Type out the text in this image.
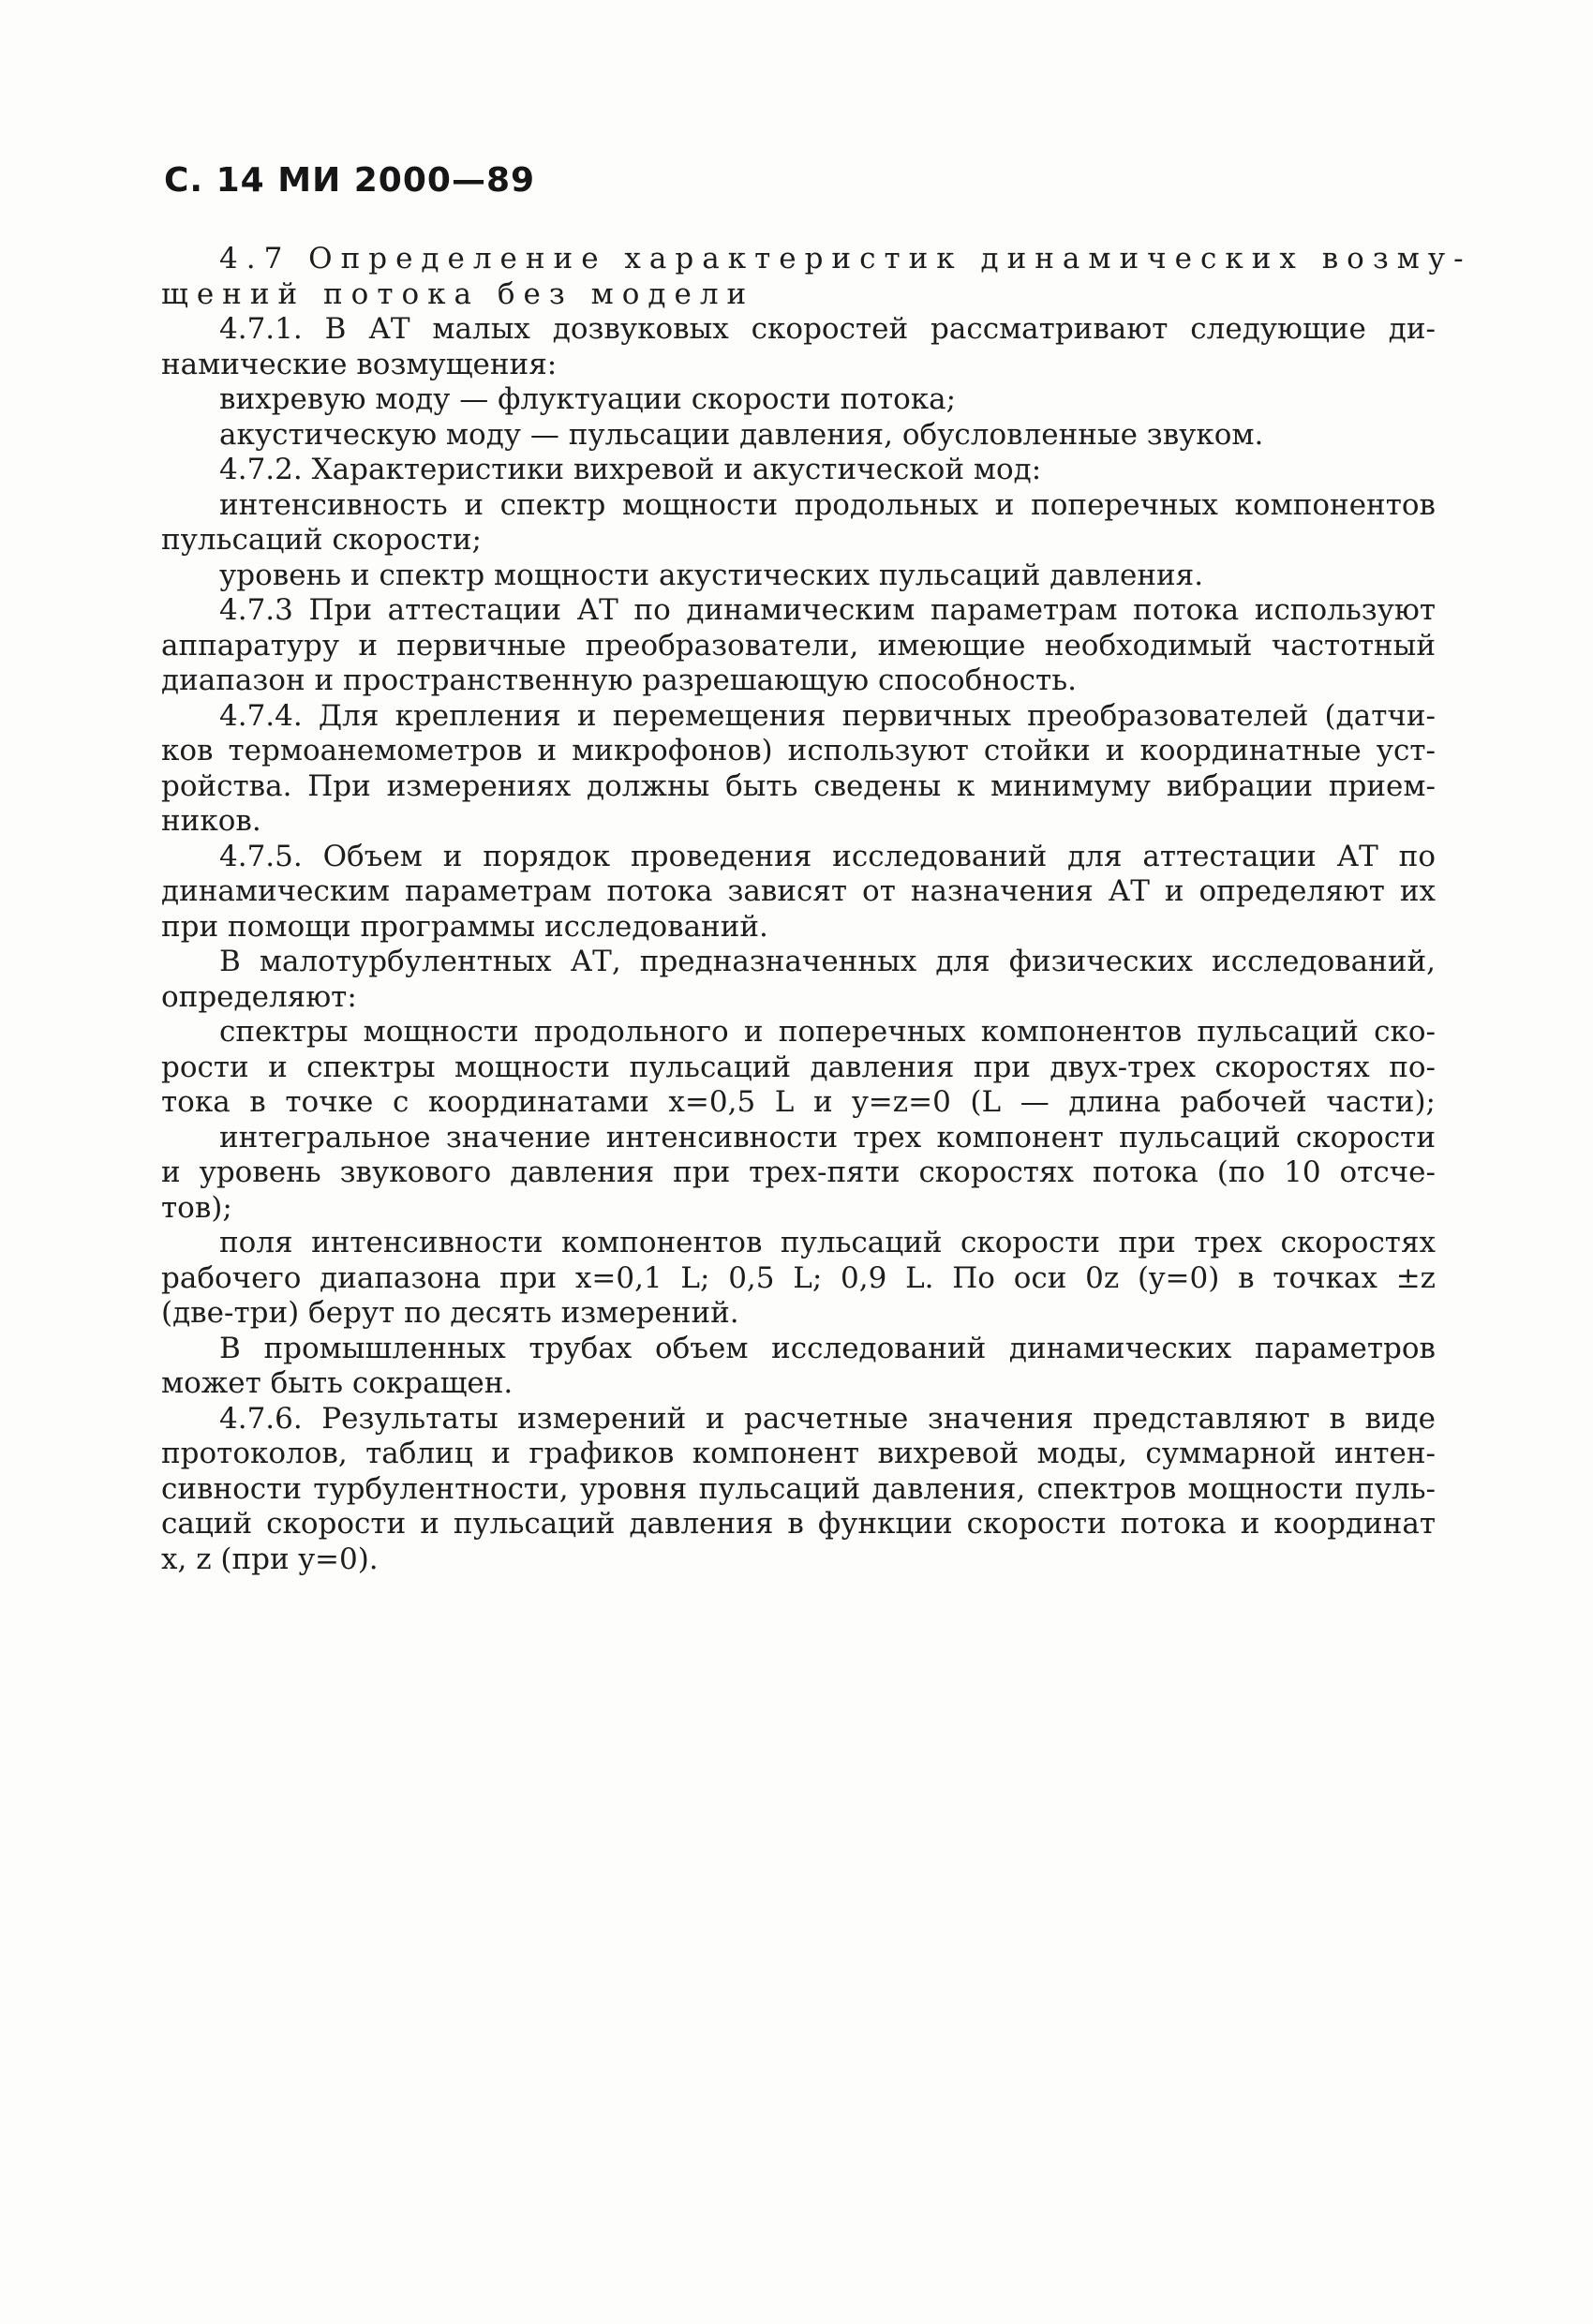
С. 14 МИ 2000—89
4.7 Определение характеристик динамических возму-
щений потока без модели
4.7.1. В АТ малых дозвуковых скоростей рассматривают следующие ди-
намические возмущения:
вихревую моду — флуктуации скорости потока;
акустическую моду — пульсации давления, обусловленные звуком.
4.7.2. Характеристики вихревой и акустической мод:
интенсивность и спектр мощности продольных и поперечных компонентов
пульсаций скорости;
уровень и спектр мощности акустических пульсаций давления.
4.7.3 При аттестации АТ по динамическим параметрам потока используют
аппаратуру и первичные преобразователи, имеющие необходимый частотный
диапазон и пространственную разрешающую способность.
4.7.4. Для крепления и перемещения первичных преобразователей (датчи-
ков термоанемометров и микрофонов) используют стойки и координатные уст-
ройства. При измерениях должны быть сведены к минимуму вибрации прием-
ников.
4.7.5. Объем и порядок проведения исследований для аттестации АТ по
динамическим параметрам потока зависят от назначения АТ и определяют их
при помощи программы исследований.
В малотурбулентных АТ, предназначенных для физических исследований,
определяют:
спектры мощности продольного и поперечных компонентов пульсаций ско-
рости и спектры мощности пульсаций давления при двух-трех скоростях по-
тока в точке с координатами x=0,5 L и y=z=0 (L — длина рабочей части);
интегральное значение интенсивности трех компонент пульсаций скорости
и уровень звукового давления при трех-пяти скоростях потока (по 10 отсче-
тов);
поля интенсивности компонентов пульсаций скорости при трех скоростях
рабочего диапазона при x=0,1 L; 0,5 L; 0,9 L. По оси 0z (y=0) в точках ±z
(две-три) берут по десять измерений.
В промышленных трубах объем исследований динамических параметров
может быть сокращен.
4.7.6. Результаты измерений и расчетные значения представляют в виде
протоколов, таблиц и графиков компонент вихревой моды, суммарной интен-
сивности турбулентности, уровня пульсаций давления, спектров мощности пуль-
саций скорости и пульсаций давления в функции скорости потока и координат
x, z (при y=0).
